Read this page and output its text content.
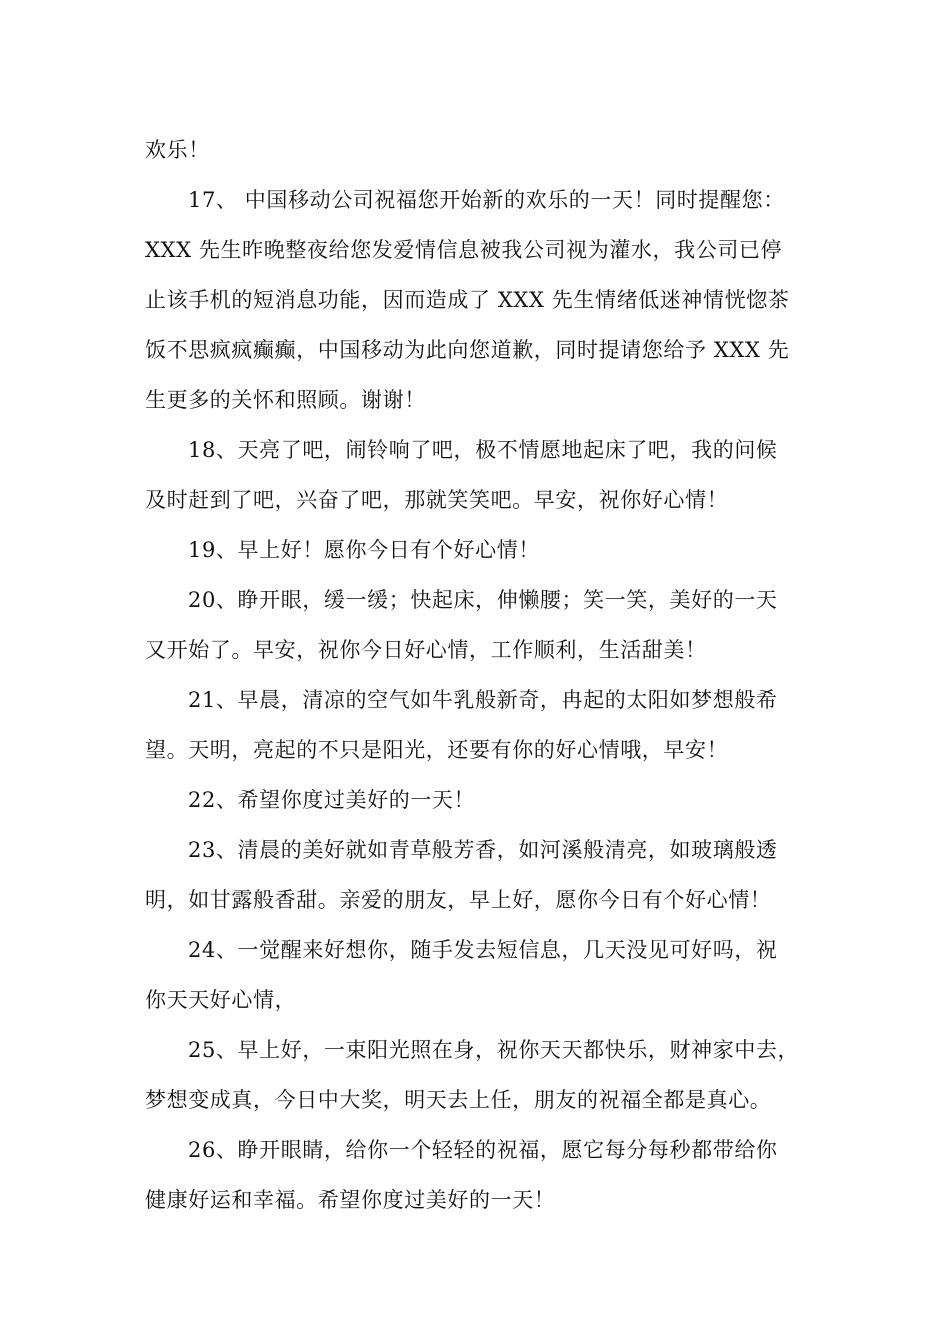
欢乐！
17、 中国移动公司祝福您开始新的欢乐的一天！同时提醒您：
XXX 先生昨晚整夜给您发爱情信息被我公司视为灌水，我公司已停
止该手机的短消息功能，因而造成了 XXX 先生情绪低迷神情恍惚茶
饭不思疯疯癫癫，中国移动为此向您道歉，同时提请您给予 XXX 先
生更多的关怀和照顾。谢谢！
18、天亮了吧，闹铃响了吧，极不情愿地起床了吧，我的问候
及时赶到了吧，兴奋了吧，那就笑笑吧。早安，祝你好心情！
19、早上好！愿你今日有个好心情！
20、睁开眼，缓一缓；快起床，伸懒腰；笑一笑，美好的一天
又开始了。早安，祝你今日好心情，工作顺利，生活甜美！
21、早晨，清凉的空气如牛乳般新奇，冉起的太阳如梦想般希
望。天明，亮起的不只是阳光，还要有你的好心情哦，早安！
22、希望你度过美好的一天！
23、清晨的美好就如青草般芳香，如河溪般清亮，如玻璃般透
明，如甘露般香甜。亲爱的朋友，早上好，愿你今日有个好心情！
24、一觉醒来好想你，随手发去短信息，几天没见可好吗，祝
你天天好心情，
25、早上好，一束阳光照在身，祝你天天都快乐，财神家中去，
梦想变成真，今日中大奖，明天去上任，朋友的祝福全都是真心。
26、睁开眼睛，给你一个轻轻的祝福，愿它每分每秒都带给你
健康好运和幸福。希望你度过美好的一天！
